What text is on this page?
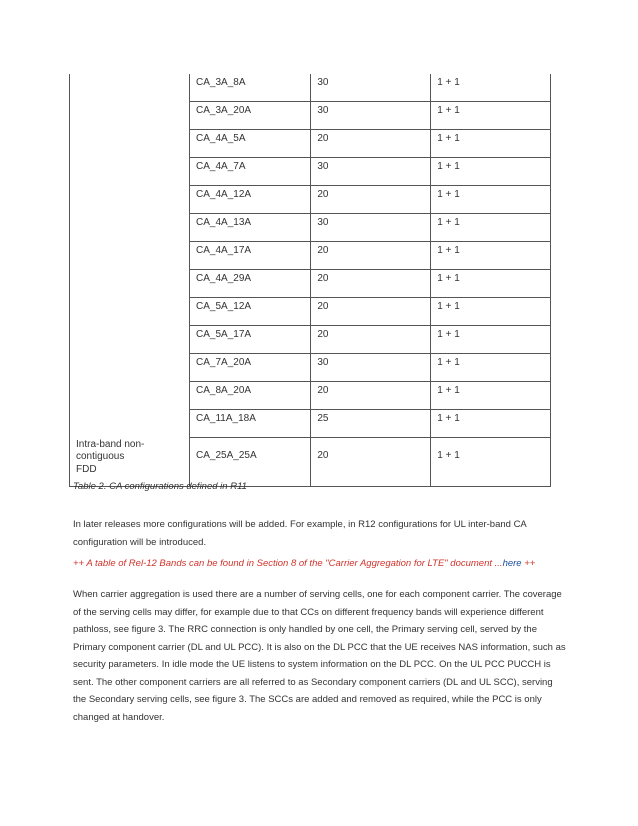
	CA_3A_8A	30	1 + 1

	CA_3A_20A	30	1 + 1

	CA_4A_5A	20	1 + 1

	CA_4A_7A	30	1 + 1

	CA_4A_12A	20	1 + 1

	CA_4A_13A	30	1 + 1

	CA_4A_17A	20	1 + 1

	CA_4A_29A	20	1 + 1

	CA_5A_12A	20	1 + 1

	CA_5A_17A	20	1 + 1

	CA_7A_20A	30	1 + 1

	CA_8A_20A	20	1 + 1

	CA_11A_18A	25	1 + 1

Intra-band non-
contiguous
FDD	CA_25A_25A	20	1 + 1
Table 2. CA configurations defined in R11
In later releases more configurations will be added. For example, in R12 configurations for UL inter-band CA configuration will be introduced.
++ A table of Rel-12 Bands can be found in Section 8 of the "Carrier Aggregation for LTE" document ...here ++
When carrier aggregation is used there are a number of serving cells, one for each component carrier. The coverage of the serving cells may differ, for example due to that CCs on different frequency bands will experience different pathloss, see figure 3. The RRC connection is only handled by one cell, the Primary serving cell, served by the Primary component carrier (DL and UL PCC). It is also on the DL PCC that the UE receives NAS information, such as security parameters. In idle mode the UE listens to system information on the DL PCC. On the UL PCC PUCCH is sent. The other component carriers are all referred to as Secondary component carriers (DL and UL SCC), serving the Secondary serving cells, see figure 3. The SCCs are added and removed as required, while the PCC is only changed at handover.
